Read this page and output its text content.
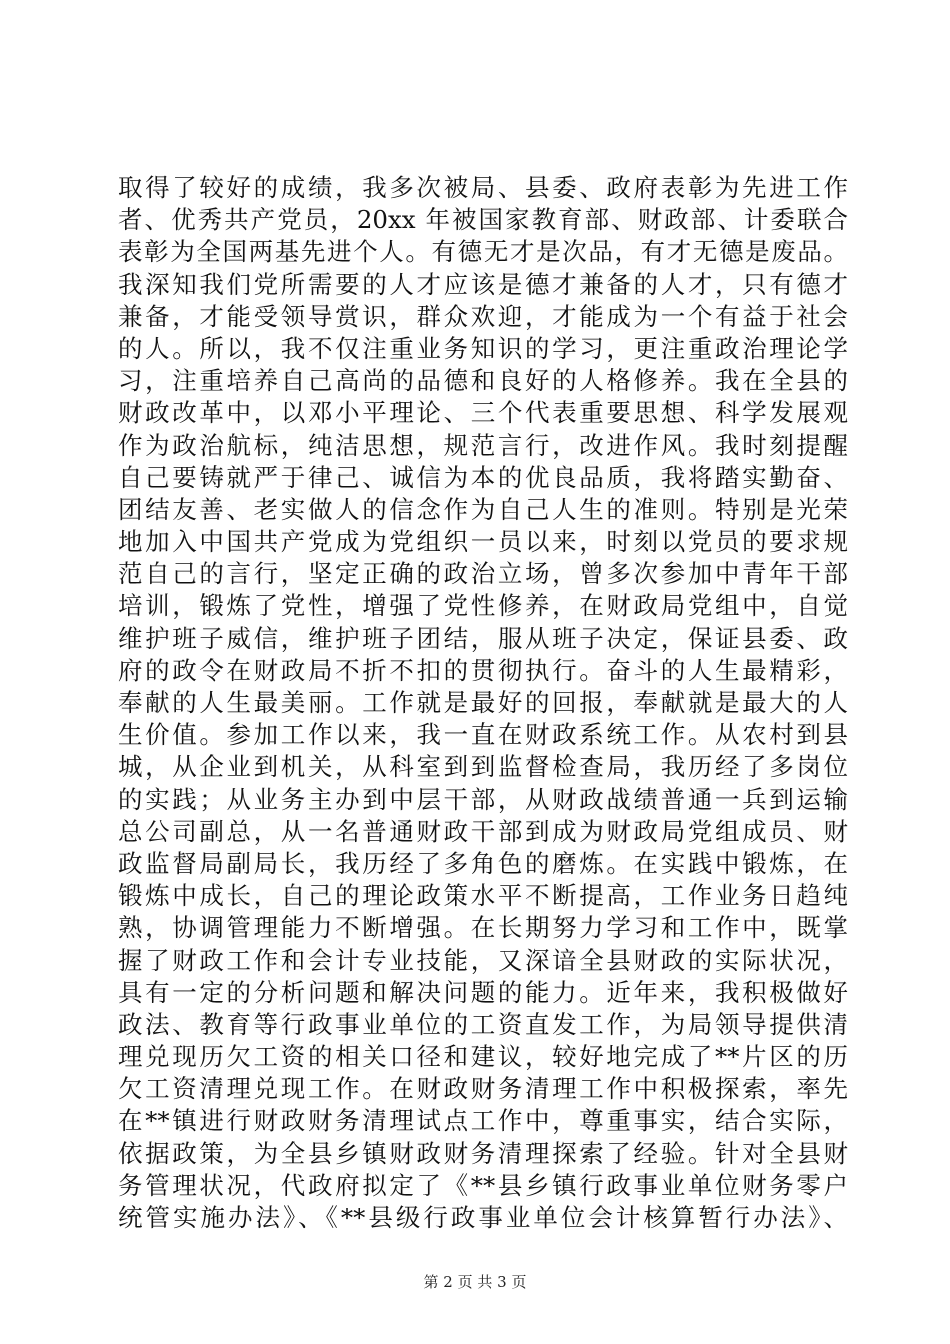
取得了较好的成绩，我多次被局、县委、政府表彰为先进工作
者、优秀共产党员，20xx 年被国家教育部、财政部、计委联合
表彰为全国两基先进个人。有德无才是次品，有才无德是废品。
我深知我们党所需要的人才应该是德才兼备的人才，只有德才
兼备，才能受领导赏识，群众欢迎，才能成为一个有益于社会
的人。所以，我不仅注重业务知识的学习，更注重政治理论学
习，注重培养自己高尚的品德和良好的人格修养。我在全县的
财政改革中，以邓小平理论、三个代表重要思想、科学发展观
作为政治航标，纯洁思想，规范言行，改进作风。我时刻提醒
自己要铸就严于律己、诚信为本的优良品质，我将踏实勤奋、
团结友善、老实做人的信念作为自己人生的准则。特别是光荣
地加入中国共产党成为党组织一员以来，时刻以党员的要求规
范自己的言行，坚定正确的政治立场，曾多次参加中青年干部
培训，锻炼了党性，增强了党性修养，在财政局党组中，自觉
维护班子威信，维护班子团结，服从班子决定，保证县委、政
府的政令在财政局不折不扣的贯彻执行。奋斗的人生最精彩，
奉献的人生最美丽。工作就是最好的回报，奉献就是最大的人
生价值。参加工作以来，我一直在财政系统工作。从农村到县
城，从企业到机关，从科室到到监督检查局，我历经了多岗位
的实践；从业务主办到中层干部，从财政战绩普通一兵到运输
总公司副总，从一名普通财政干部到成为财政局党组成员、财
政监督局副局长，我历经了多角色的磨炼。在实践中锻炼，在
锻炼中成长，自己的理论政策水平不断提高，工作业务日趋纯
熟，协调管理能力不断增强。在长期努力学习和工作中，既掌
握了财政工作和会计专业技能，又深谙全县财政的实际状况，
具有一定的分析问题和解决问题的能力。近年来，我积极做好
政法、教育等行政事业单位的工资直发工作，为局领导提供清
理兑现历欠工资的相关口径和建议，较好地完成了**片区的历
欠工资清理兑现工作。在财政财务清理工作中积极探索，率先
在**镇进行财政财务清理试点工作中，尊重事实，结合实际，
依据政策，为全县乡镇财政财务清理探索了经验。针对全县财
务管理状况，代政府拟定了《**县乡镇行政事业单位财务零户
统管实施办法》、《**县级行政事业单位会计核算暂行办法》、
第 2 页 共 3 页
